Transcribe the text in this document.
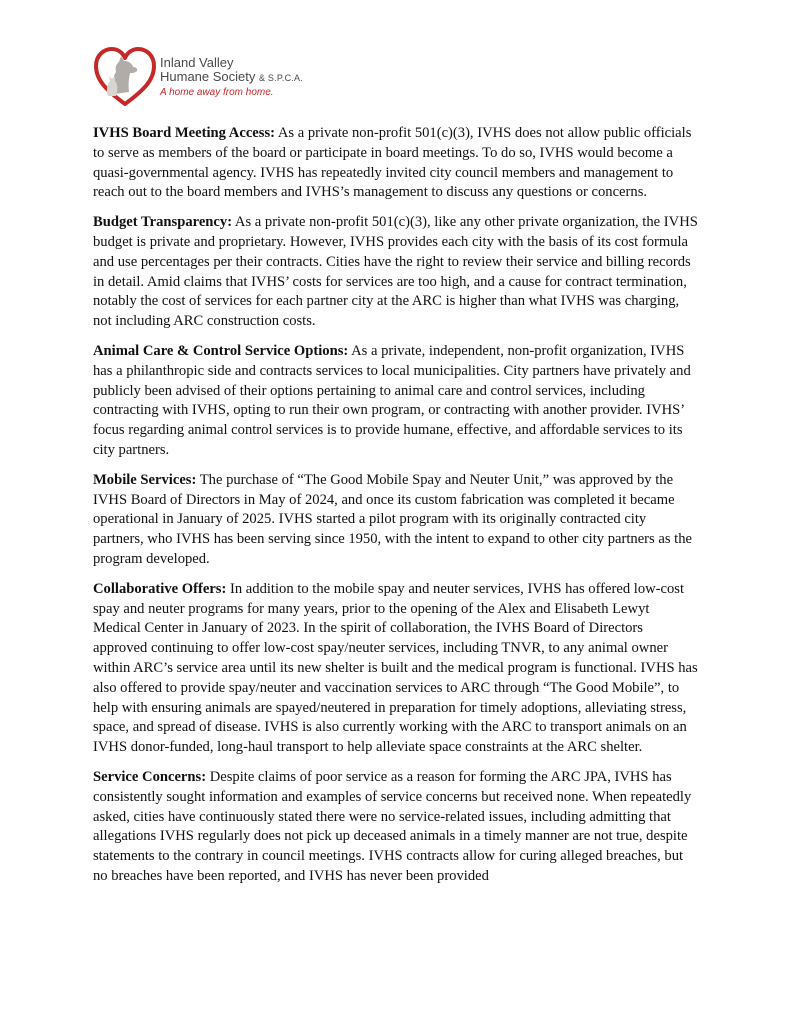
Inland Valley
Humane Society & S.P.C.A.
A home away from home.

IVHS Board Meeting Access: As a private non-profit 501(c)(3), IVHS does not allow public officials to serve as members of the board or participate in board meetings. To do so, IVHS would become a quasi-governmental agency. IVHS has repeatedly invited city council members and management to reach out to the board members and IVHS’s management to discuss any questions or concerns.

Budget Transparency: As a private non-profit 501(c)(3), like any other private organization, the IVHS budget is private and proprietary. However, IVHS provides each city with the basis of its cost formula and use percentages per their contracts. Cities have the right to review their service and billing records in detail. Amid claims that IVHS’ costs for services are too high, and a cause for contract termination, notably the cost of services for each partner city at the ARC is higher than what IVHS was charging, not including ARC construction costs.

Animal Care & Control Service Options: As a private, independent, non-profit organization, IVHS has a philanthropic side and contracts services to local municipalities. City partners have privately and publicly been advised of their options pertaining to animal care and control services, including contracting with IVHS, opting to run their own program, or contracting with another provider. IVHS’ focus regarding animal control services is to provide humane, effective, and affordable services to its city partners.

Mobile Services: The purchase of “The Good Mobile Spay and Neuter Unit,” was approved by the IVHS Board of Directors in May of 2024, and once its custom fabrication was completed it became operational in January of 2025. IVHS started a pilot program with its originally contracted city partners, who IVHS has been serving since 1950, with the intent to expand to other city partners as the program developed.

Collaborative Offers: In addition to the mobile spay and neuter services, IVHS has offered low-cost spay and neuter programs for many years, prior to the opening of the Alex and Elisabeth Lewyt Medical Center in January of 2023. In the spirit of collaboration, the IVHS Board of Directors approved continuing to offer low-cost spay/neuter services, including TNVR, to any animal owner within ARC’s service area until its new shelter is built and the medical program is functional. IVHS has also offered to provide spay/neuter and vaccination services to ARC through “The Good Mobile”, to help with ensuring animals are spayed/neutered in preparation for timely adoptions, alleviating stress, space, and spread of disease. IVHS is also currently working with the ARC to transport animals on an IVHS donor-funded, long-haul transport to help alleviate space constraints at the ARC shelter.

Service Concerns: Despite claims of poor service as a reason for forming the ARC JPA, IVHS has consistently sought information and examples of service concerns but received none. When repeatedly asked, cities have continuously stated there were no service-related issues, including admitting that allegations IVHS regularly does not pick up deceased animals in a timely manner are not true, despite statements to the contrary in council meetings. IVHS contracts allow for curing alleged breaches, but no breaches have been reported, and IVHS has never been provided
